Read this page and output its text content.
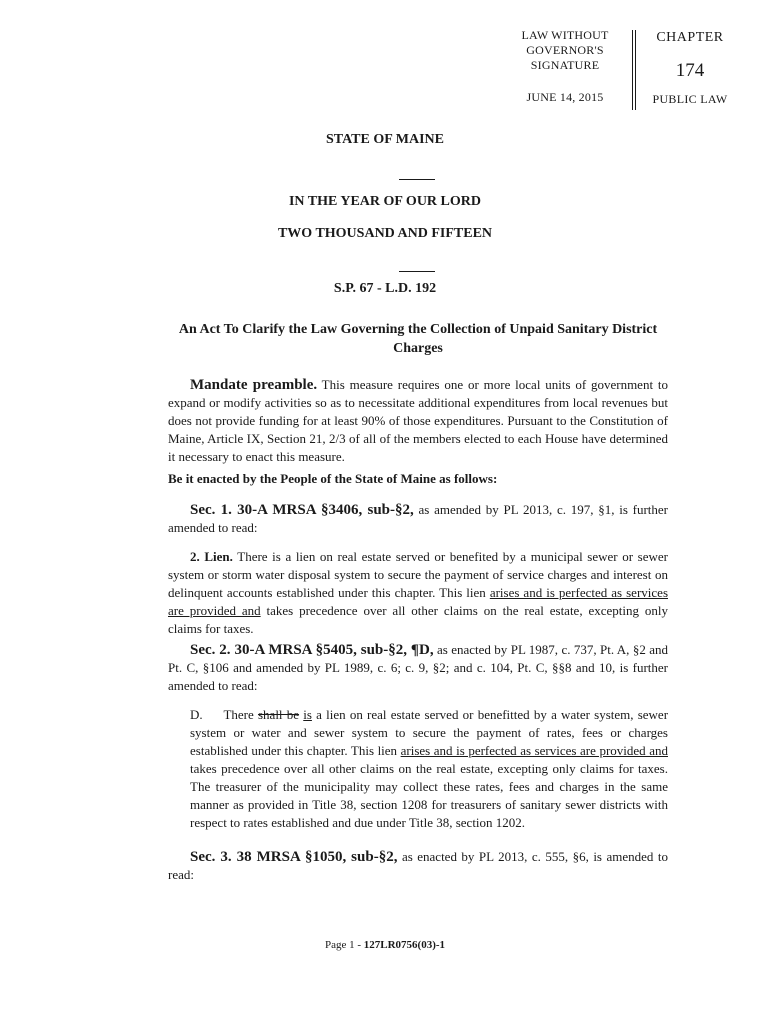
LAW WITHOUT
GOVERNOR'S
SIGNATURE
JUNE 14, 2015
CHAPTER
174
PUBLIC LAW
STATE OF MAINE
IN THE YEAR OF OUR LORD
TWO THOUSAND AND FIFTEEN
S.P. 67 - L.D. 192
An Act To Clarify the Law Governing the Collection of Unpaid Sanitary District Charges

Mandate preamble. This measure requires one or more local units of government to expand or modify activities so as to necessitate additional expenditures from local revenues but does not provide funding for at least 90% of those expenditures. Pursuant to the Constitution of Maine, Article IX, Section 21, 2/3 of all of the members elected to each House have determined it necessary to enact this measure.

Be it enacted by the People of the State of Maine as follows:

Sec. 1. 30-A MRSA §3406, sub-§2, as amended by PL 2013, c. 197, §1, is further amended to read:

2. Lien. There is a lien on real estate served or benefited by a municipal sewer or sewer system or storm water disposal system to secure the payment of service charges and interest on delinquent accounts established under this chapter. This lien arises and is perfected as services are provided and takes precedence over all other claims on the real estate, excepting only claims for taxes.

Sec. 2. 30-A MRSA §5405, sub-§2, ¶D, as enacted by PL 1987, c. 737, Pt. A, §2 and Pt. C, §106 and amended by PL 1989, c. 6; c. 9, §2; and c. 104, Pt. C, §§8 and 10, is further amended to read:

D.     There shall be is a lien on real estate served or benefitted by a water system, sewer system or water and sewer system to secure the payment of rates, fees or charges established under this chapter. This lien arises and is perfected as services are provided and takes precedence over all other claims on the real estate, excepting only claims for taxes. The treasurer of the municipality may collect these rates, fees and charges in the same manner as provided in Title 38, section 1208 for treasurers of sanitary sewer districts with respect to rates established and due under Title 38, section 1202.

Sec. 3. 38 MRSA §1050, sub-§2, as enacted by PL 2013, c. 555, §6, is amended to read:

Page 1 - 127LR0756(03)-1
